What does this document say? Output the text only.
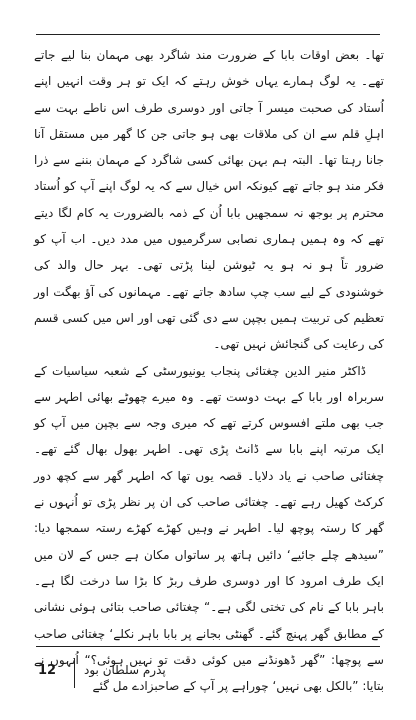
تھا۔ بعض اوقات بابا کے ضرورت مند شاگرد بھی مہمان بنا لیے جاتے تھے۔ یہ لوگ ہمارے یہاں خوش رہتے کہ ایک تو ہر وقت انہیں اپنے اُستاد کی صحبت میسر آ جاتی اور دوسری طرف اس ناطے بہت سے اہلِ قلم سے ان کی ملاقات بھی ہو جاتی جن کا گھر میں مستقل آنا جانا رہتا تھا۔ البتہ ہم بہن بھائی کسی شاگرد کے مہمان بننے سے ذرا فکر مند ہو جاتے تھے کیونکہ اس خیال سے کہ یہ لوگ اپنے آپ کو اُستاد محترم پر بوجھ نہ سمجھیں بابا اُن کے ذمہ بالضرورت یہ کام لگا دیتے تھے کہ وہ ہمیں ہماری نصابی سرگرمیوں میں مدد دیں۔ اب آپ کو ضرور تاً ہو نہ ہو یہ ٹیوشن لینا پڑتی تھی۔ بہر حال والد کی خوشنودی کے لیے سب چپ سادھ جاتے تھے۔ مہمانوں کی آؤ بھگت اور تعظیم کی تربیت ہمیں بچپن سے دی گئی تھی اور اس میں کسی قسم کی رعایت کی گنجائش نہیں تھی۔

ڈاکٹر منیر الدین چغتائی پنجاب یونیورسٹی کے شعبہ سیاسیات کے سربراہ اور بابا کے بہت دوست تھے۔ وہ میرے چھوٹے بھائی اطہر سے جب بھی ملتے افسوس کرتے تھے کہ میری وجہ سے بچپن میں آپ کو ایک مرتبہ اپنے بابا سے ڈانٹ پڑی تھی۔ اطہر بھول بھال گئے تھے۔ چغتائی صاحب نے یاد دلایا۔ قصہ یوں تھا کہ اطہر گھر سے کچھ دور کرکٹ کھیل رہے تھے۔ چغتائی صاحب کی ان پر نظر پڑی تو اُنہوں نے گھر کا رستہ پوچھ لیا۔ اطہر نے وہیں کھڑے کھڑے رستہ سمجھا دیا: ”سیدھے چلے جائیے‘ دائیں ہاتھ پر ساتواں مکان ہے جس کے لان میں ایک طرف امرود کا اور دوسری طرف ربڑ کا بڑا سا درخت لگا ہے۔ باہر بابا کے نام کی تختی لگی ہے۔“ چغتائی صاحب بتائی ہوئی نشانی کے مطابق گھر پہنچ گئے۔ گھنٹی بجانے پر بابا باہر نکلے‘ چغتائی صاحب سے پوچھا: ”گھر ڈھونڈنے میں کوئی دقت تو نہیں ہوئی؟“ اُنہوں نے بتایا: ”بالکل بھی نہیں‘ چوراہے پر آپ کے صاحبزادے مل گئے

12 پدرم سلطان بود
